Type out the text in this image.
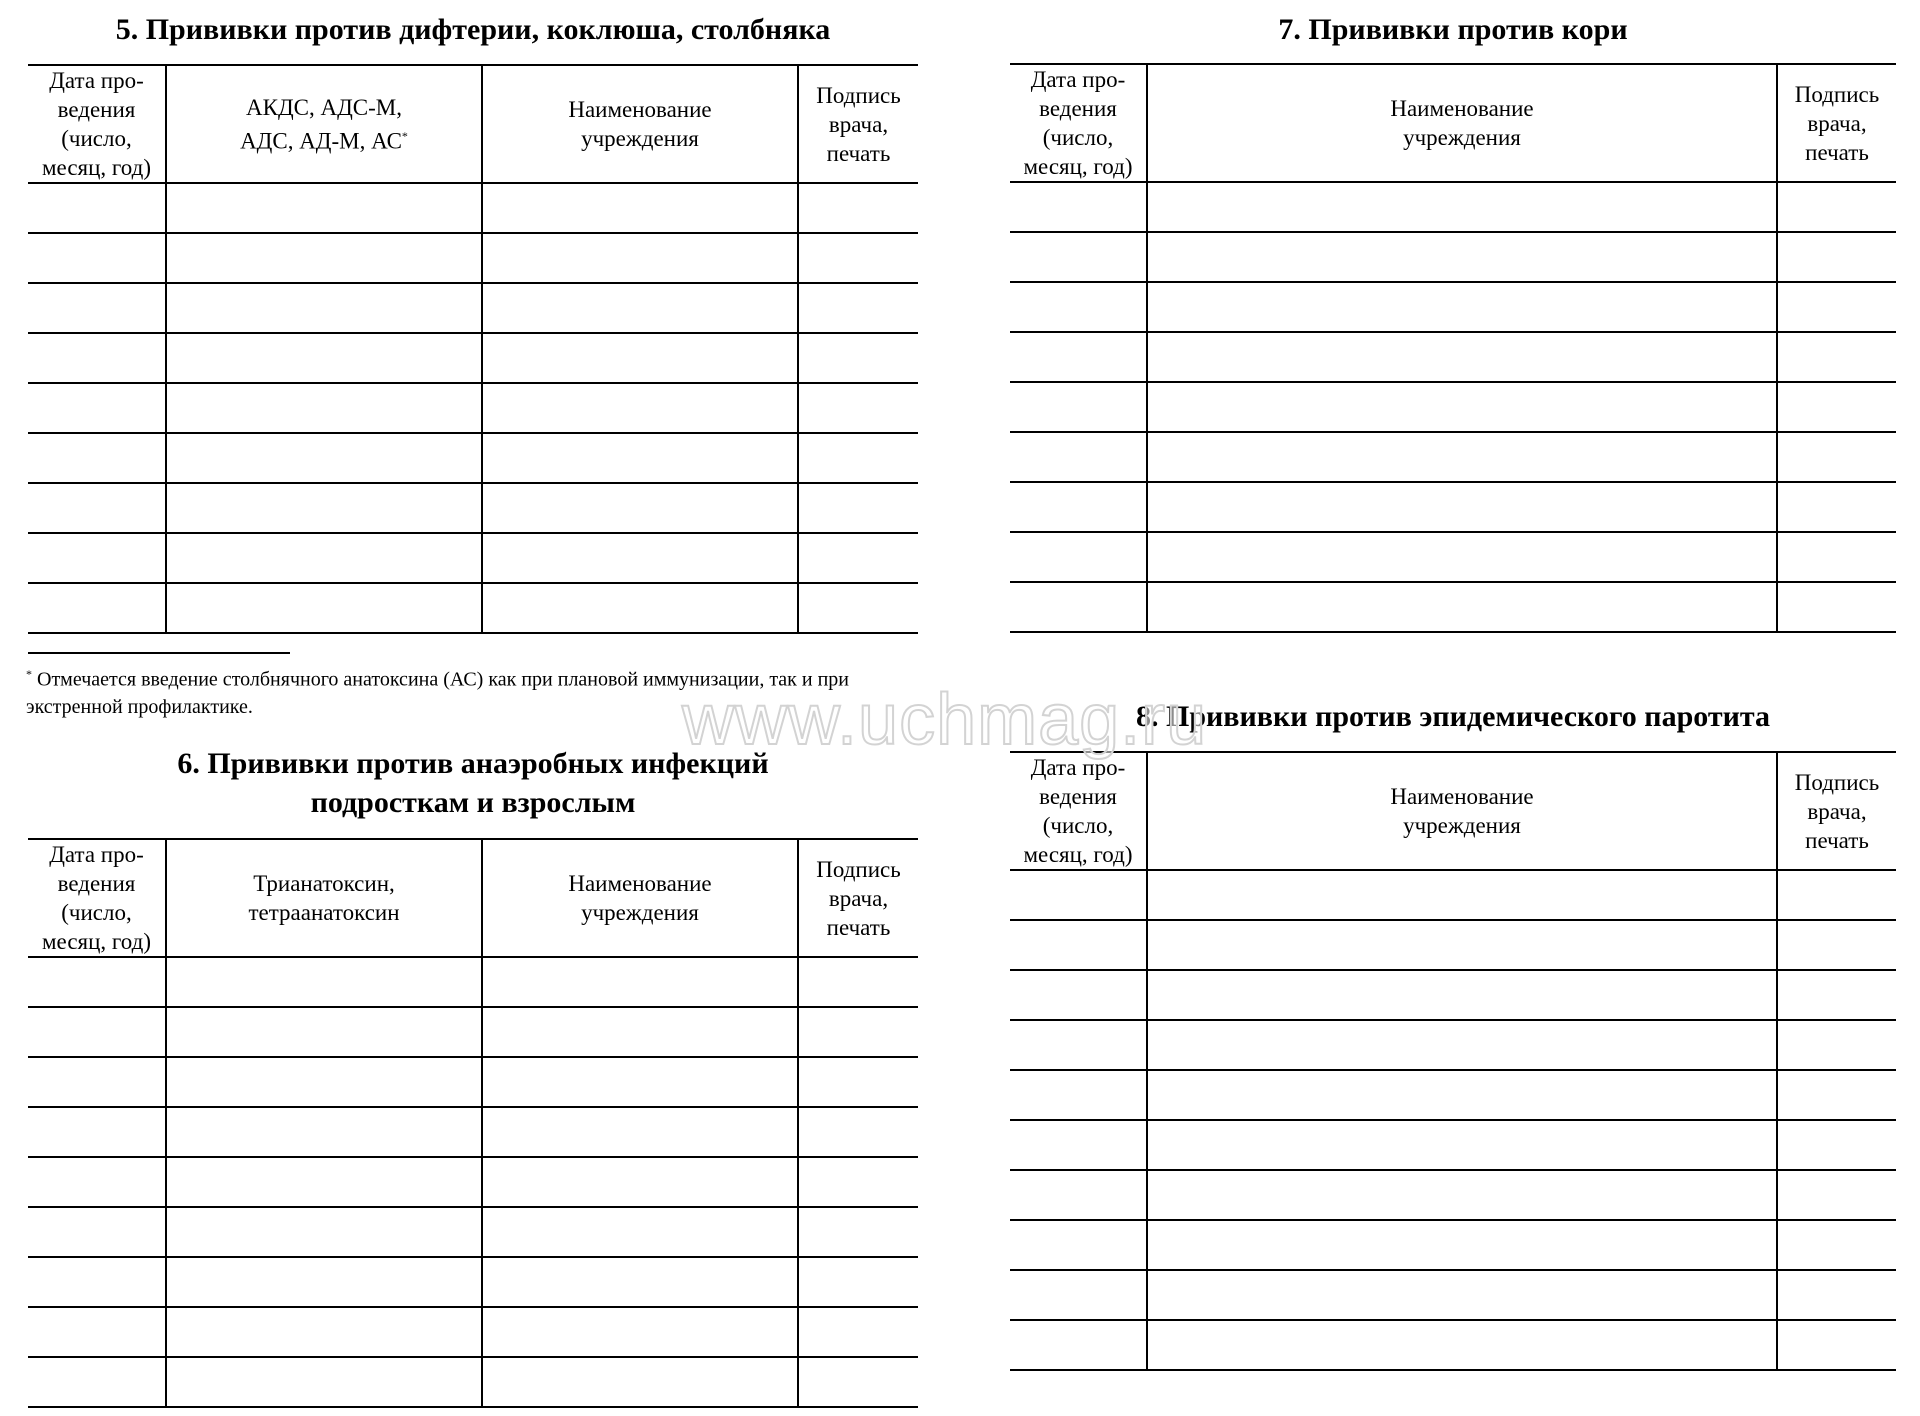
5. Прививки против дифтерии, коклюша, столбняка
Дата про-
ведения
(число,
месяц, год)	АКДС, АДС-М,
АДС, АД-М, АС*	Наименование
учреждения	Подпись
врача,
печать

* Отмечается введение столбнячного анатоксина (АС) как при плановой иммунизации, так и при экстренной профилактике.

6. Прививки против анаэробных инфекций
подросткам и взрослым
Дата про-
ведения
(число,
месяц, год)	Трианатоксин,
тетраанатоксин	Наименование
учреждения	Подпись
врача,
печать

7. Прививки против кори
Дата про-
ведения
(число,
месяц, год)	Наименование
учреждения	Подпись
врача,
печать

8. Прививки против эпидемического паротита
Дата про-
ведения
(число,
месяц, год)	Наименование
учреждения	Подпись
врача,
печать

www.uchmag.ru
